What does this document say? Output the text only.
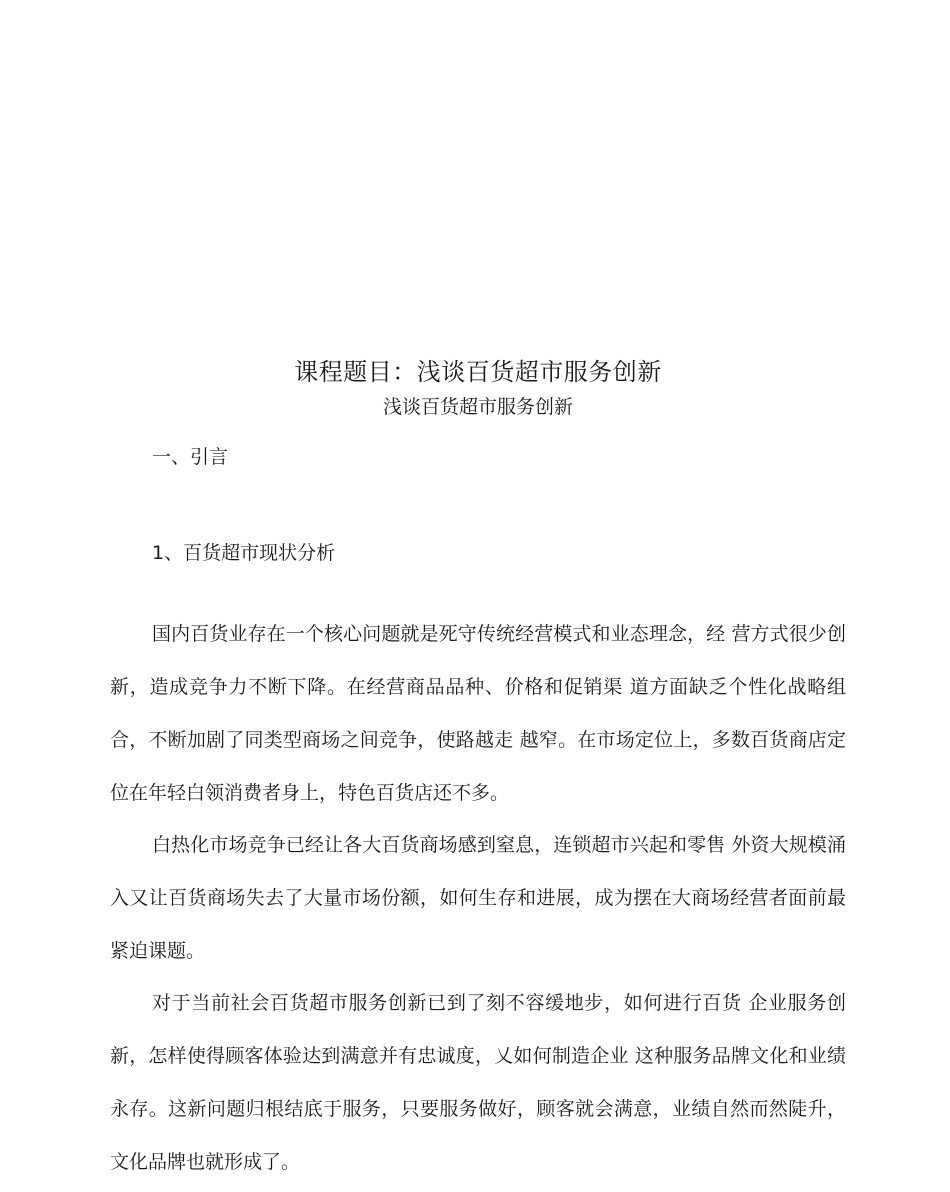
课程题目：浅谈百货超市服务创新
浅谈百货超市服务创新
一、引言
1、百货超市现状分析

国内百货业存在一个核心问题就是死守传统经营模式和业态理念，经 营方式很少创新，造成竞争力不断下降。在经营商品品种、价格和促销渠 道方面缺乏个性化战略组合，不断加剧了同类型商场之间竞争，使路越走 越窄。在市场定位上，多数百货商店定位在年轻白领消费者身上，特色百货店还不多。

白热化市场竞争已经让各大百货商场感到窒息，连锁超市兴起和零售 外资大规模涌入又让百货商场失去了大量市场份额，如何生存和进展，成为摆在大商场经营者面前最紧迫课题。

对于当前社会百货超市服务创新已到了刻不容缓地步，如何进行百货 企业服务创新，怎样使得顾客体验达到满意并有忠诚度，乂如何制造企业 这种服务品牌文化和业绩永存。这新问题归根结底于服务，只要服务做好，顾客就会满意，业绩自然而然陡升，文化品牌也就形成了。
